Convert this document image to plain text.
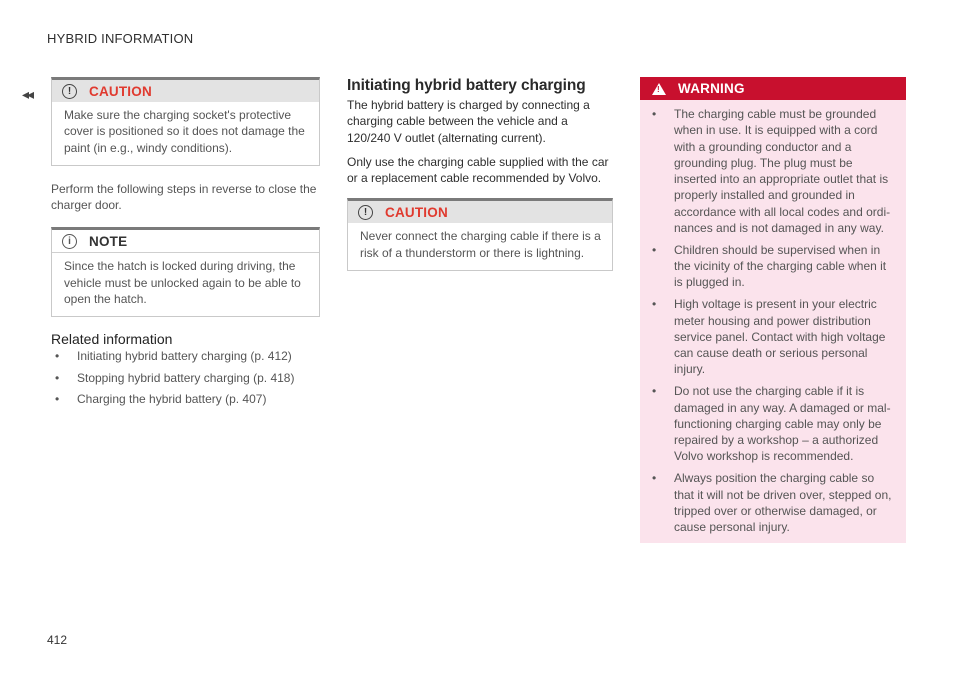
HYBRID INFORMATION
◂◂	!	CAUTION
Make sure the charging socket's protective cover is positioned so it does not damage the paint (in e.g., windy conditions).
Perform the following steps in reverse to close the charger door.
i	NOTE
Since the hatch is locked during driving, the vehicle must be unlocked again to be able to open the hatch.
Related information
• Initiating hybrid battery charging (p. 412)
• Stopping hybrid battery charging (p. 418)
• Charging the hybrid battery (p. 407)
Initiating hybrid battery charging
The hybrid battery is charged by connecting a charging cable between the vehicle and a 120/240 V outlet (alternating current).
Only use the charging cable supplied with the car or a replacement cable recommended by Volvo.
!	CAUTION
Never connect the charging cable if there is a risk of a thunderstorm or there is lightning.
! WARNING
• The charging cable must be grounded when in use. It is equipped with a cord with a grounding conductor and a grounding plug. The plug must be inserted into an appropriate outlet that is properly installed and grounded in accordance with all local codes and ordi-nances and is not damaged in any way.
• Children should be supervised when in the vicinity of the charging cable when it is plugged in.
• High voltage is present in your electric meter housing and power distribution service panel. Contact with high voltage can cause death or serious personal injury.
• Do not use the charging cable if it is damaged in any way. A damaged or mal-functioning charging cable may only be repaired by a workshop – a authorized Volvo workshop is recommended.
• Always position the charging cable so that it will not be driven over, stepped on, tripped over or otherwise damaged, or cause personal injury.
412
